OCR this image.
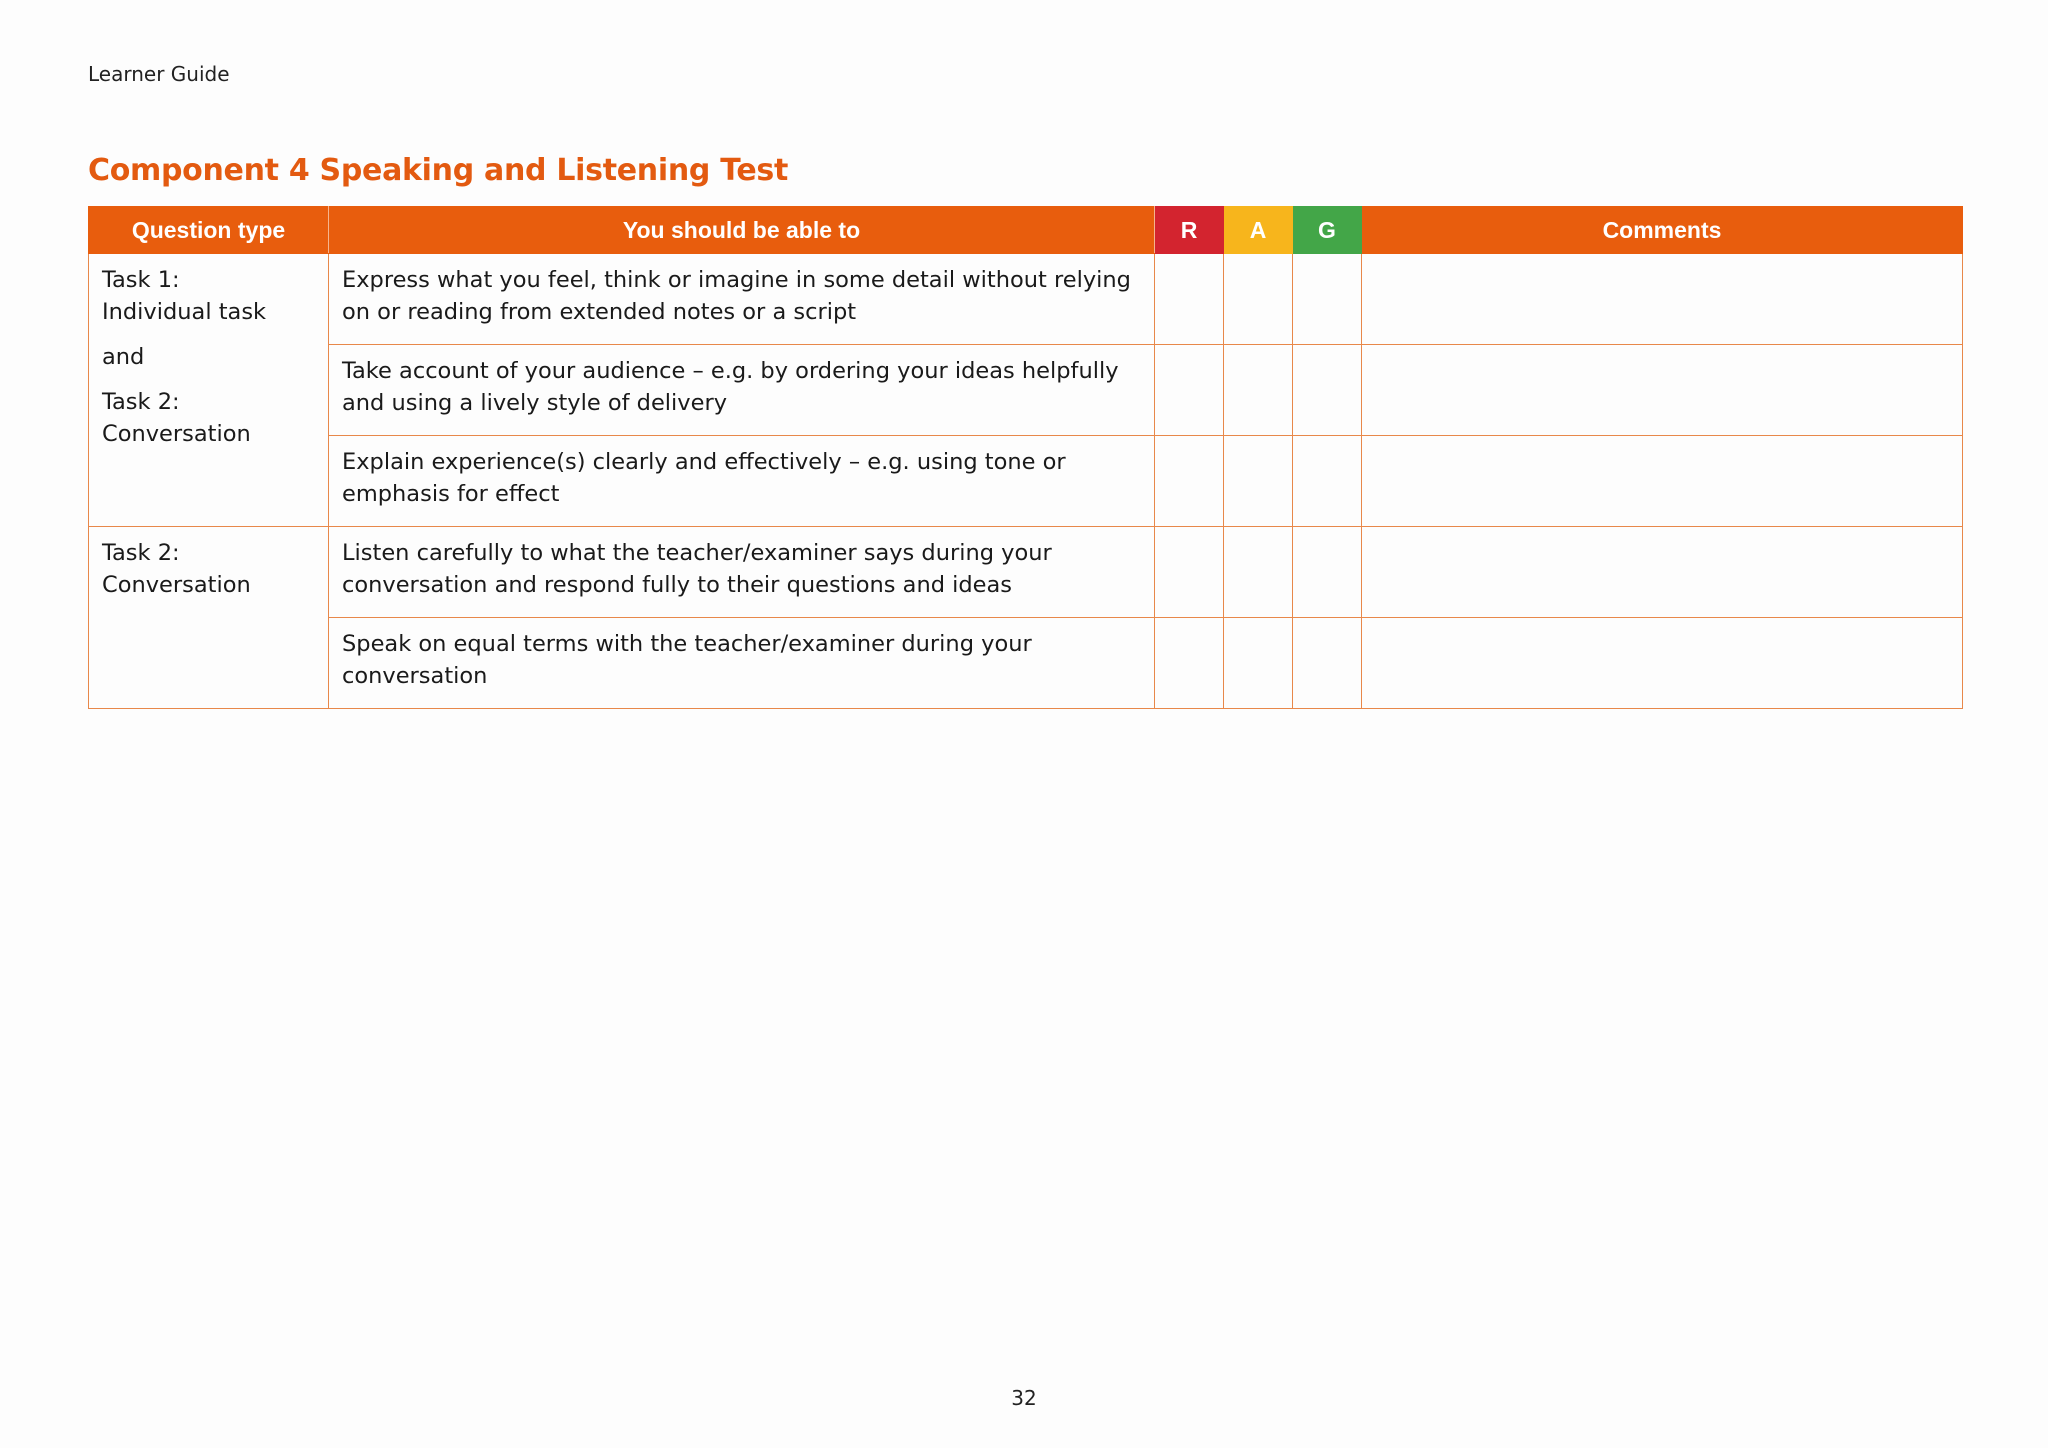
Learner Guide
Component 4 Speaking and Listening Test
Question type	You should be able to	R	A	G	Comments

Task 1:
Individual task

and

Task 2:
Conversation	Express what you feel, think or imagine in some detail without relying on or reading from extended notes or a script				
	Take account of your audience – e.g. by ordering your ideas helpfully and using a lively style of delivery				
	Explain experience(s) clearly and effectively – e.g. using tone or emphasis for effect				

Task 2:
Conversation	Listen carefully to what the teacher/examiner says during your conversation and respond fully to their questions and ideas				
	Speak on equal terms with the teacher/examiner during your conversation				
32
